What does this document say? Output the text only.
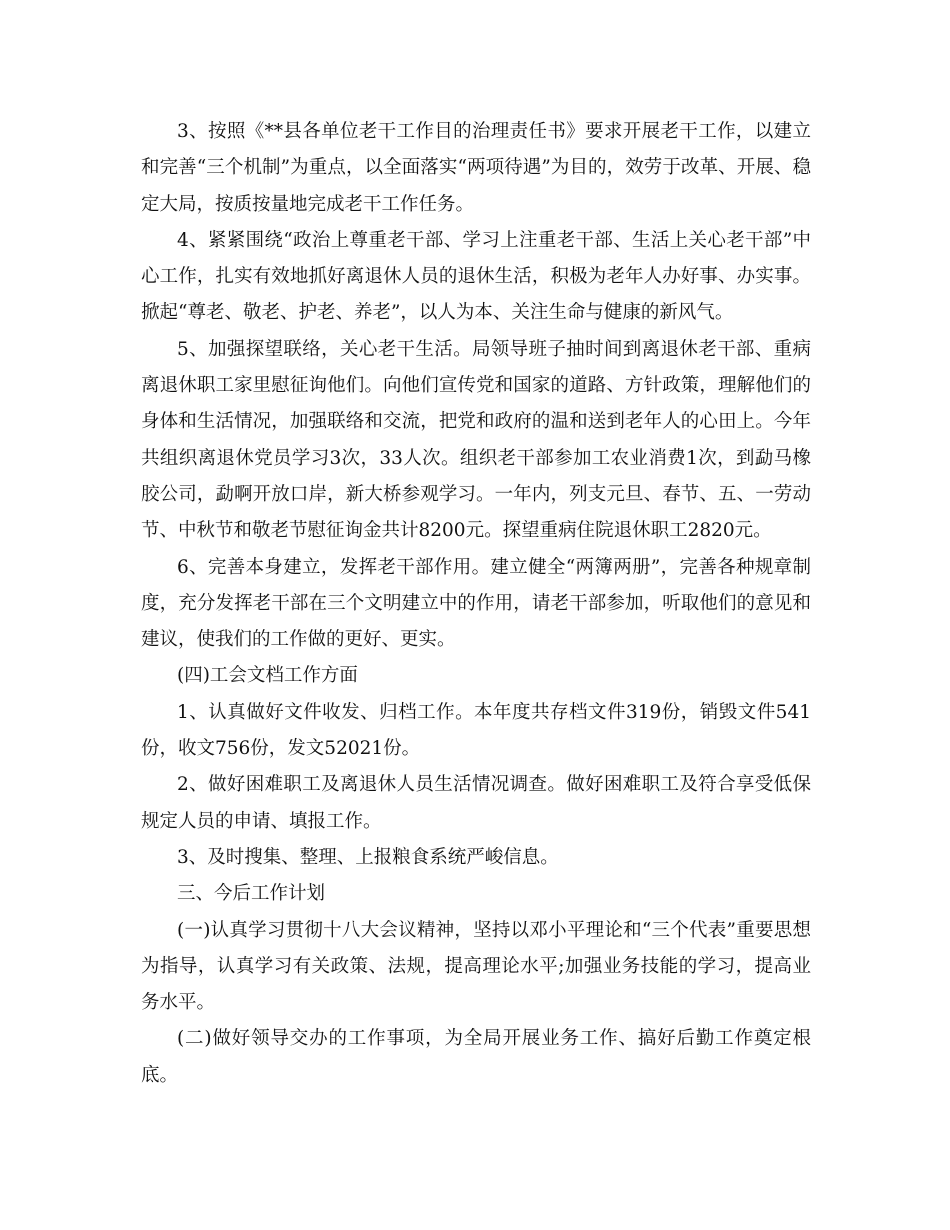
3、按照《**县各单位老干工作目的治理责任书》要求开展老干工作，以建立和完善“三个机制”为重点，以全面落实“两项待遇”为目的，效劳于改革、开展、稳定大局，按质按量地完成老干工作任务。

4、紧紧围绕“政治上尊重老干部、学习上注重老干部、生活上关心老干部”中心工作，扎实有效地抓好离退休人员的退休生活，积极为老年人办好事、办实事。掀起“尊老、敬老、护老、养老”，以人为本、关注生命与健康的新风气。

5、加强探望联络，关心老干生活。局领导班子抽时间到离退休老干部、重病离退休职工家里慰征询他们。向他们宣传党和国家的道路、方针政策，理解他们的身体和生活情况，加强联络和交流，把党和政府的温和送到老年人的心田上。今年共组织离退休党员学习3次，33人次。组织老干部参加工农业消费1次，到勐马橡胶公司，勐啊开放口岸，新大桥参观学习。一年内，列支元旦、春节、五、一劳动节、中秋节和敬老节慰征询金共计8200元。探望重病住院退休职工2820元。

6、完善本身建立，发挥老干部作用。建立健全“两簿两册”，完善各种规章制度，充分发挥老干部在三个文明建立中的作用，请老干部参加，听取他们的意见和建议，使我们的工作做的更好、更实。

(四)工会文档工作方面

1、认真做好文件收发、归档工作。本年度共存档文件319份，销毁文件541份，收文756份，发文52021份。

2、做好困难职工及离退休人员生活情况调查。做好困难职工及符合享受低保规定人员的申请、填报工作。

3、及时搜集、整理、上报粮食系统严峻信息。

三、今后工作计划

(一)认真学习贯彻十八大会议精神，坚持以邓小平理论和“三个代表”重要思想为指导，认真学习有关政策、法规，提高理论水平;加强业务技能的学习，提高业务水平。

(二)做好领导交办的工作事项，为全局开展业务工作、搞好后勤工作奠定根底。
